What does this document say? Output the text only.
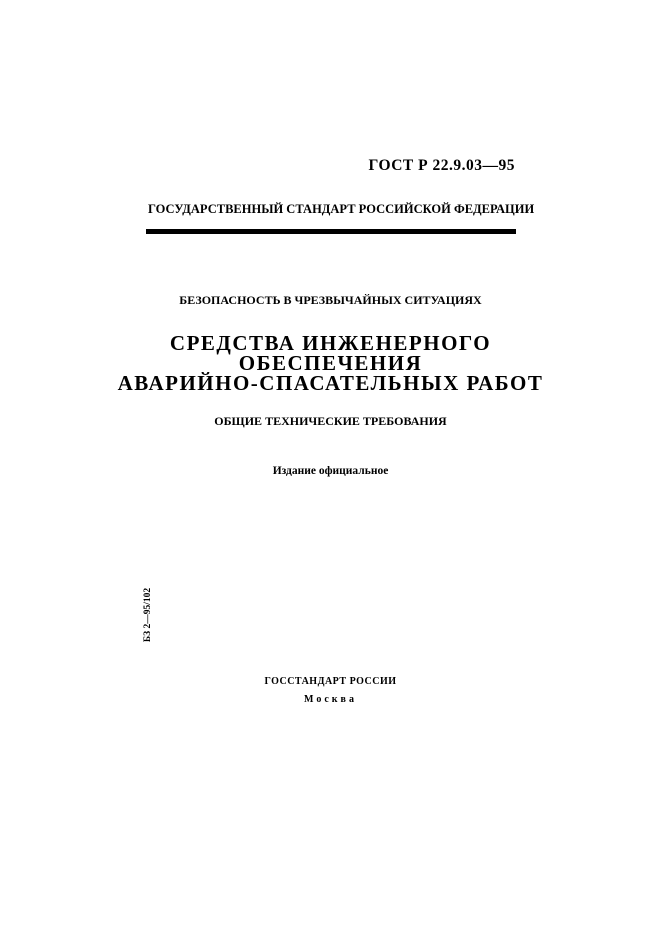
ГОСТ Р 22.9.03—95
ГОСУДАРСТВЕННЫЙ СТАНДАРТ РОССИЙСКОЙ ФЕДЕРАЦИИ
БЕЗОПАСНОСТЬ В ЧРЕЗВЫЧАЙНЫХ СИТУАЦИЯХ
СРЕДСТВА ИНЖЕНЕРНОГО
ОБЕСПЕЧЕНИЯ
АВАРИЙНО-СПАСАТЕЛЬНЫХ РАБОТ
ОБЩИЕ ТЕХНИЧЕСКИЕ ТРЕБОВАНИЯ
Издание официальное
БЗ 2—95/102
ГОССТАНДАРТ РОССИИ
Москва
